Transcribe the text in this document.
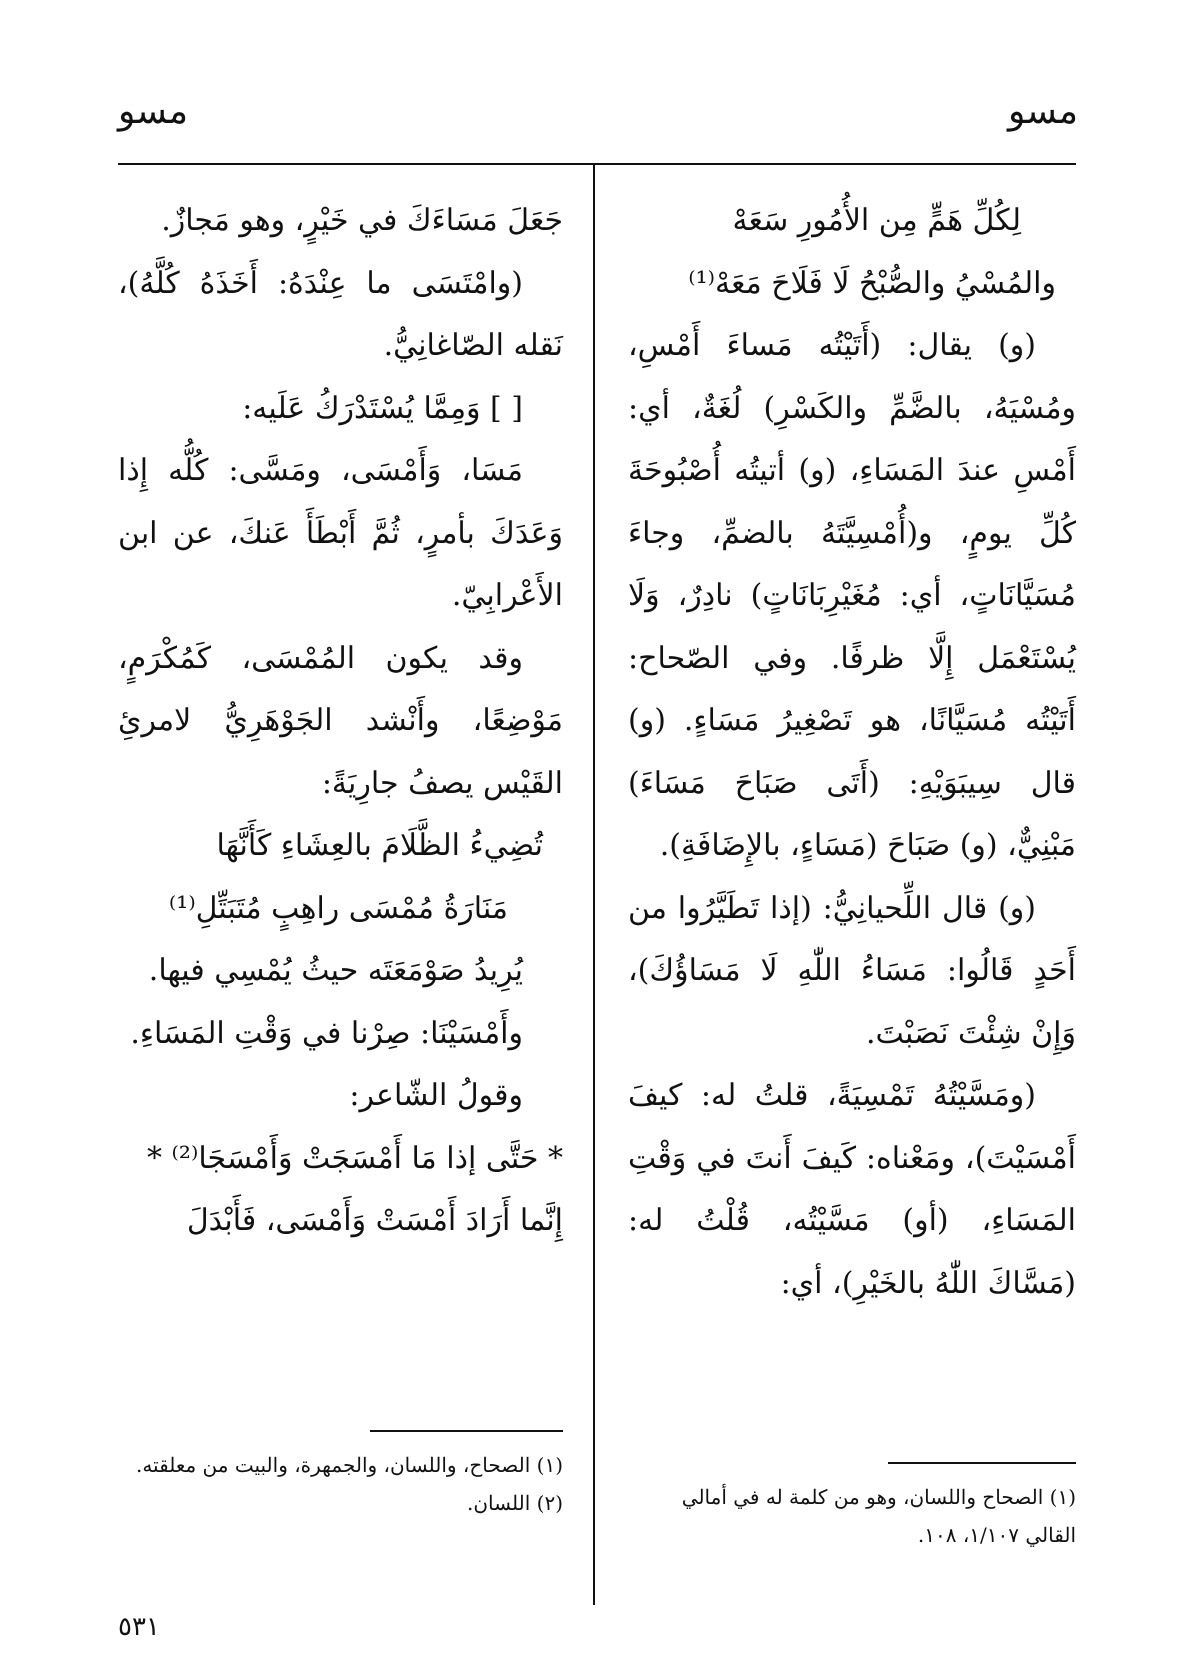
مسو
مسو

لِكُلِّ هَمٍّ مِن الأُمُورِ سَعَهْ

والمُسْيُ والصُّبْحُ لَا فَلَاحَ مَعَهْ⁽¹⁾

(و) يقال: (أَتَيْتُه مَساءَ أَمْسِ، ومُسْيَهُ، بالضَّمِّ والكَسْرِ) لُغَةٌ، أي: أَمْسِ عندَ المَسَاءِ، (و) أتيتُه أُصْبُوحَةَ كُلِّ يومٍ، و(أُمْسِيَّتَهُ بالضمِّ، وجاءَ مُسَيَّانَاتٍ، أي: مُغَيْرِبَانَاتٍ) نادِرٌ، وَلَا يُسْتَعْمَل إِلَّا ظرفًا. وفي الصّحاح: أَتَيْتُه مُسَيَّانًا، هو تَصْغِيرُ مَسَاءٍ. (و) قال سِيبَوَيْهِ: (أَتَى صَبَاحَ مَسَاءَ) مَبْنِيٌّ، (و) صَبَاحَ (مَسَاءٍ، بالإِضَافَةِ).

(و) قال اللِّحيانِيُّ: (إذا تَطَيَّرُوا من أَحَدٍ قَالُوا: مَسَاءُ اللّٰهِ لَا مَسَاؤُكَ)، وَإِنْ شِئْتَ نَصَبْتَ.

(ومَسَّيْتُهُ تَمْسِيَةً، قلتُ له: كيفَ أَمْسَيْتَ)، ومَعْناه: كَيفَ أَنتَ في وَقْتِ المَسَاءِ، (أو) مَسَّيْتُه، قُلْتُ له: (مَسَّاكَ اللّٰهُ بالخَيْرِ)، أي:

(١) الصحاح واللسان، وهو من كلمة له في أمالي القالي ١/١٠٧، ١٠٨.

جَعَلَ مَسَاءَكَ في خَيْرٍ، وهو مَجازٌ.

(وامْتَسَى ما عِنْدَهُ: أَخَذَهُ كُلَّهُ)، نَقله الصّاغانِيُّ.

[ ] وَمِمَّا يُسْتَدْرَكُ عَلَيه:

مَسَا، وَأَمْسَى، ومَسَّى: كُلُّه إِذا وَعَدَكَ بأمرٍ، ثُمَّ أَبْطَأَ عَنكَ، عن ابن الأَعْرابِيّ.

وقد يكون المُمْسَى، كَمُكْرَمٍ، مَوْضِعًا، وأَنْشد الجَوْهَرِيُّ لامرئِ القَيْس يصفُ جارِيَةً:

تُضِيءُ الظَّلَامَ بالعِشَاءِ كَأَنَّهَا

مَنَارَةُ مُمْسَى راهِبٍ مُتَبَتِّلِ⁽¹⁾

يُرِيدُ صَوْمَعَتَه حيثُ يُمْسِي فيها.

وأَمْسَيْنَا: صِرْنا في وَقْتِ المَسَاءِ.

وقولُ الشّاعر:

* حَتَّى إذا مَا أَمْسَجَتْ وَأَمْسَجَا⁽²⁾ *

إِنَّما أَرَادَ أَمْسَتْ وَأَمْسَى، فَأَبْدَلَ

(١) الصحاح، واللسان، والجمهرة، والبيت من معلقته.

(٢) اللسان.

٥٣١
